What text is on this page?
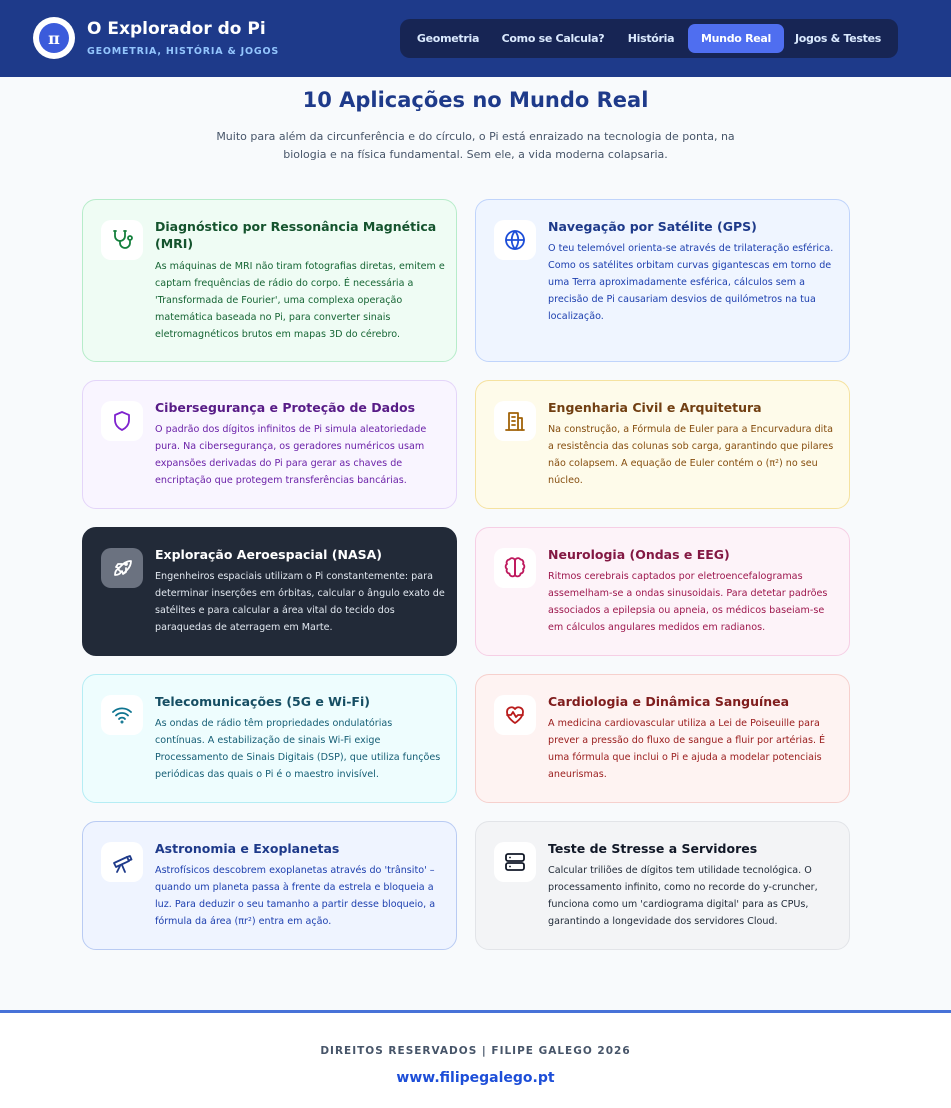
π	O Explorador do Pi
GEOMETRIA, HISTÓRIA & JOGOS
Geometria	Como se Calcula?	História	Mundo Real	Jogos & Testes
10 Aplicações no Mundo Real
Muito para além da circunferência e do círculo, o Pi está enraizado na tecnologia de ponta, na biologia e na física fundamental. Sem ele, a vida moderna colapsaria.
Diagnóstico por Ressonância Magnética (MRI)
As máquinas de MRI não tiram fotografias diretas, emitem e captam frequências de rádio do corpo. É necessária a 'Transformada de Fourier', uma complexa operação matemática baseada no Pi, para converter sinais eletromagnéticos brutos em mapas 3D do cérebro.
Navegação por Satélite (GPS)
O teu telemóvel orienta-se através de trilateração esférica. Como os satélites orbitam curvas gigantescas em torno de uma Terra aproximadamente esférica, cálculos sem a precisão de Pi causariam desvios de quilómetros na tua localização.
Cibersegurança e Proteção de Dados
O padrão dos dígitos infinitos de Pi simula aleatoriedade pura. Na cibersegurança, os geradores numéricos usam expansões derivadas do Pi para gerar as chaves de encriptação que protegem transferências bancárias.
Engenharia Civil e Arquitetura
Na construção, a Fórmula de Euler para a Encurvadura dita a resistência das colunas sob carga, garantindo que pilares não colapsem. A equação de Euler contém o (π²) no seu núcleo.
Exploração Aeroespacial (NASA)
Engenheiros espaciais utilizam o Pi constantemente: para determinar inserções em órbitas, calcular o ângulo exato de satélites e para calcular a área vital do tecido dos paraquedas de aterragem em Marte.
Neurologia (Ondas e EEG)
Ritmos cerebrais captados por eletroencefalogramas assemelham-se a ondas sinusoidais. Para detetar padrões associados a epilepsia ou apneia, os médicos baseiam-se em cálculos angulares medidos em radianos.
Telecomunicações (5G e Wi-Fi)
As ondas de rádio têm propriedades ondulatórias contínuas. A estabilização de sinais Wi-Fi exige Processamento de Sinais Digitais (DSP), que utiliza funções periódicas das quais o Pi é o maestro invisível.
Cardiologia e Dinâmica Sanguínea
A medicina cardiovascular utiliza a Lei de Poiseuille para prever a pressão do fluxo de sangue a fluir por artérias. É uma fórmula que inclui o Pi e ajuda a modelar potenciais aneurismas.
Astronomia e Exoplanetas
Astrofísicos descobrem exoplanetas através do 'trânsito' – quando um planeta passa à frente da estrela e bloqueia a luz. Para deduzir o seu tamanho a partir desse bloqueio, a fórmula da área (πr²) entra em ação.
Teste de Stresse a Servidores
Calcular triliões de dígitos tem utilidade tecnológica. O processamento infinito, como no recorde do y-cruncher, funciona como um 'cardiograma digital' para as CPUs, garantindo a longevidade dos servidores Cloud.
DIREITOS RESERVADOS | FILIPE GALEGO 2026
www.filipegalego.pt
